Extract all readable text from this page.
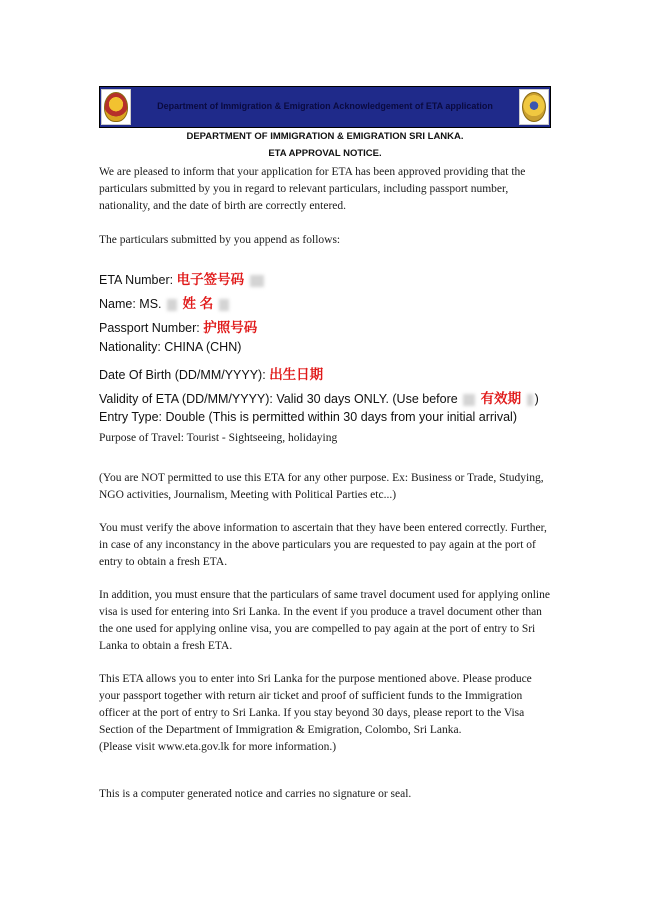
Department of Immigration & Emigration Acknowledgement of ETA application
DEPARTMENT OF IMMIGRATION & EMIGRATION SRI LANKA.
ETA APPROVAL NOTICE.
We are pleased to inform that your application for ETA has been approved providing that the
particulars submitted by you in regard to relevant particulars, including passport number,
nationality, and the date of birth are correctly entered.
The particulars submitted by you append as follows:
ETA Number: 电子签号码
Name: MS. 姓 名
Passport Number: 护照号码
Nationality: CHINA (CHN)
Date Of Birth (DD/MM/YYYY): 出生日期
Validity of ETA (DD/MM/YYYY): Valid 30 days ONLY. (Use before 有效期 )
Entry Type: Double (This is permitted within 30 days from your initial arrival)
Purpose of Travel: Tourist - Sightseeing, holidaying
(You are NOT permitted to use this ETA for any other purpose. Ex: Business or Trade, Studying,
NGO activities, Journalism, Meeting with Political Parties etc...)
You must verify the above information to ascertain that they have been entered correctly. Further,
in case of any inconstancy in the above particulars you are requested to pay again at the port of
entry to obtain a fresh ETA.
In addition, you must ensure that the particulars of same travel document used for applying online
visa is used for entering into Sri Lanka. In the event if you produce a travel document other than
the one used for applying online visa, you are compelled to pay again at the port of entry to Sri
Lanka to obtain a fresh ETA.
This ETA allows you to enter into Sri Lanka for the purpose mentioned above. Please produce
your passport together with return air ticket and proof of sufficient funds to the Immigration
officer at the port of entry to Sri Lanka. If you stay beyond 30 days, please report to the Visa
Section of the Department of Immigration & Emigration, Colombo, Sri Lanka.
(Please visit www.eta.gov.lk for more information.)
This is a computer generated notice and carries no signature or seal.
